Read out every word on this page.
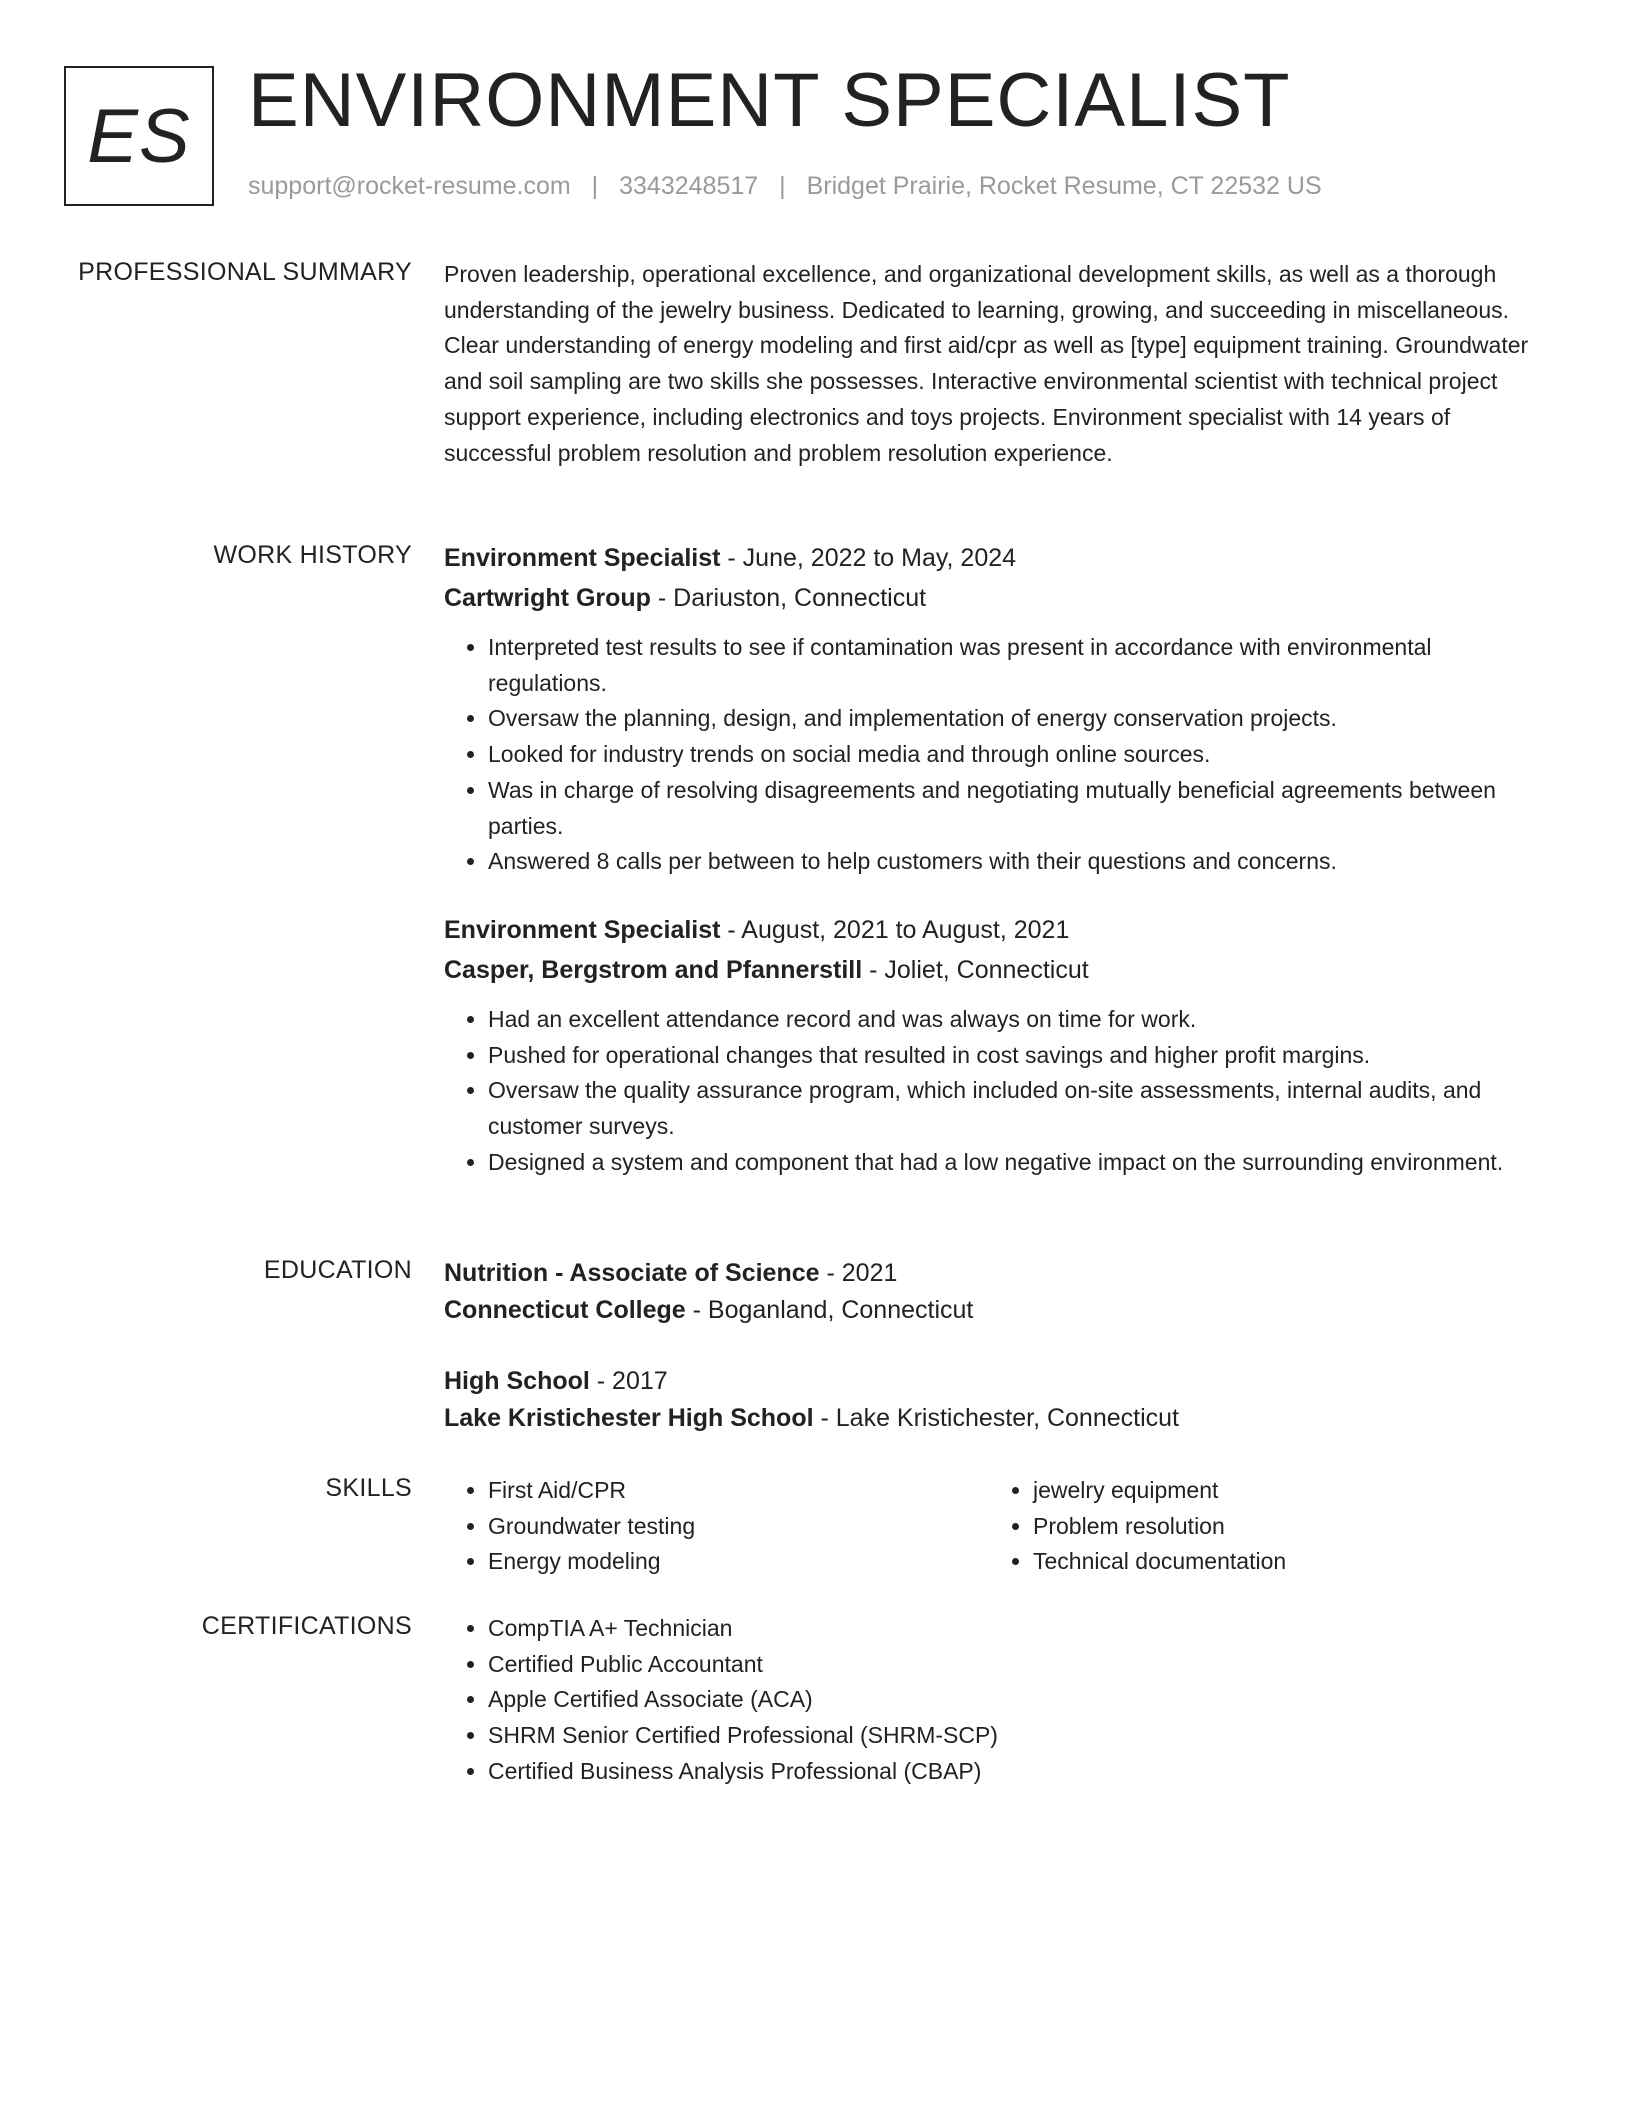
ES ENVIRONMENT SPECIALIST
support@rocket-resume.com | 3343248517 | Bridget Prairie, Rocket Resume, CT 22532 US
PROFESSIONAL SUMMARY Proven leadership, operational excellence, and organizational development skills, as well as a thorough understanding of the jewelry business. Dedicated to learning, growing, and succeeding in miscellaneous. Clear understanding of energy modeling and first aid/cpr as well as [type] equipment training. Groundwater and soil sampling are two skills she possesses. Interactive environmental scientist with technical project support experience, including electronics and toys projects. Environment specialist with 14 years of successful problem resolution and problem resolution experience.

WORK HISTORY Environment Specialist - June, 2022 to May, 2024
Cartwright Group - Dariuston, Connecticut
• Interpreted test results to see if contamination was present in accordance with environmental regulations.
• Oversaw the planning, design, and implementation of energy conservation projects.
• Looked for industry trends on social media and through online sources.
• Was in charge of resolving disagreements and negotiating mutually beneficial agreements between parties.
• Answered 8 calls per between to help customers with their questions and concerns.
Environment Specialist - August, 2021 to August, 2021
Casper, Bergstrom and Pfannerstill - Joliet, Connecticut
• Had an excellent attendance record and was always on time for work.
• Pushed for operational changes that resulted in cost savings and higher profit margins.
• Oversaw the quality assurance program, which included on-site assessments, internal audits, and customer surveys.
• Designed a system and component that had a low negative impact on the surrounding environment.
EDUCATION Nutrition - Associate of Science - 2021
Connecticut College - Boganland, Connecticut
High School - 2017
Lake Kristichester High School - Lake Kristichester, Connecticut
SKILLS	• First Aid/CPR
• Groundwater testing
• Energy modeling
• jewelry equipment
• Problem resolution
• Technical documentation
CERTIFICATIONS	• CompTIA A+ Technician
• Certified Public Accountant
• Apple Certified Associate (ACA)
• SHRM Senior Certified Professional (SHRM-SCP)
• Certified Business Analysis Professional (CBAP)
